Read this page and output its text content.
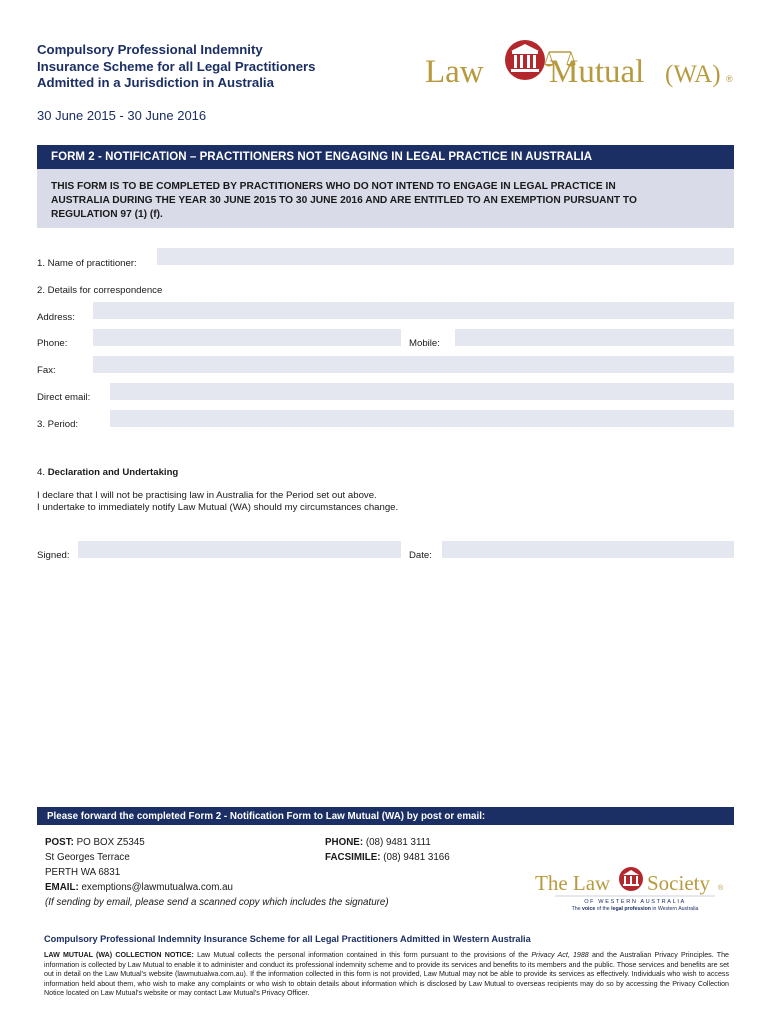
Compulsory Professional Indemnity
Insurance Scheme for all Legal Practitioners
Admitted in a Jurisdiction in Australia
30 June 2015 - 30 June 2016
Law Mutual (WA) ®
FORM 2 - NOTIFICATION – PRACTITIONERS NOT ENGAGING IN LEGAL PRACTICE IN AUSTRALIA
THIS FORM IS TO BE COMPLETED BY PRACTITIONERS WHO DO NOT INTEND TO ENGAGE IN LEGAL PRACTICE IN
AUSTRALIA DURING THE YEAR 30 JUNE 2015 TO 30 JUNE 2016 AND ARE ENTITLED TO AN EXEMPTION PURSUANT TO
REGULATION 97 (1) (f).
1. Name of practitioner:
2. Details for correspondence
Address:
Phone:	Mobile:
Fax:
Direct email:
3. Period:
4. Declaration and Undertaking
I declare that I will not be practising law in Australia for the Period set out above.
I undertake to immediately notify Law Mutual (WA) should my circumstances change.
Signed:	Date:
Please forward the completed Form 2 - Notification Form to Law Mutual (WA) by post or email:
POST: PO BOX Z5345
St Georges Terrace
PERTH WA 6831
EMAIL: exemptions@lawmutualwa.com.au
(If sending by email, please send a scanned copy which includes the signature)
PHONE: (08) 9481 3111
FACSIMILE: (08) 9481 3166
The Law Society ®
OF WESTERN AUSTRALIA
The voice of the legal profession in Western Australia
Compulsory Professional Indemnity Insurance Scheme for all Legal Practitioners Admitted in Western Australia
LAW MUTUAL (WA) COLLECTION NOTICE: Law Mutual collects the personal information contained in this form pursuant to the provisions of the Privacy Act, 1988 and the Australian Privacy Principles. The information is collected by Law Mutual to enable it to administer and conduct its professional indemnity scheme and to provide its services and benefits to its members and the public. Those services and benefits are set out in detail on the Law Mutual’s website (lawmutualwa.com.au). If the information collected in this form is not provided, Law Mutual may not be able to provide its services as effectively. Individuals who wish to access information held about them, who wish to make any complaints or who wish to obtain details about information which is disclosed by Law Mutual to overseas recipients may do so by accessing the Privacy Collection Notice located on Law Mutual’s website or may contact Law Mutual’s Privacy Officer.
